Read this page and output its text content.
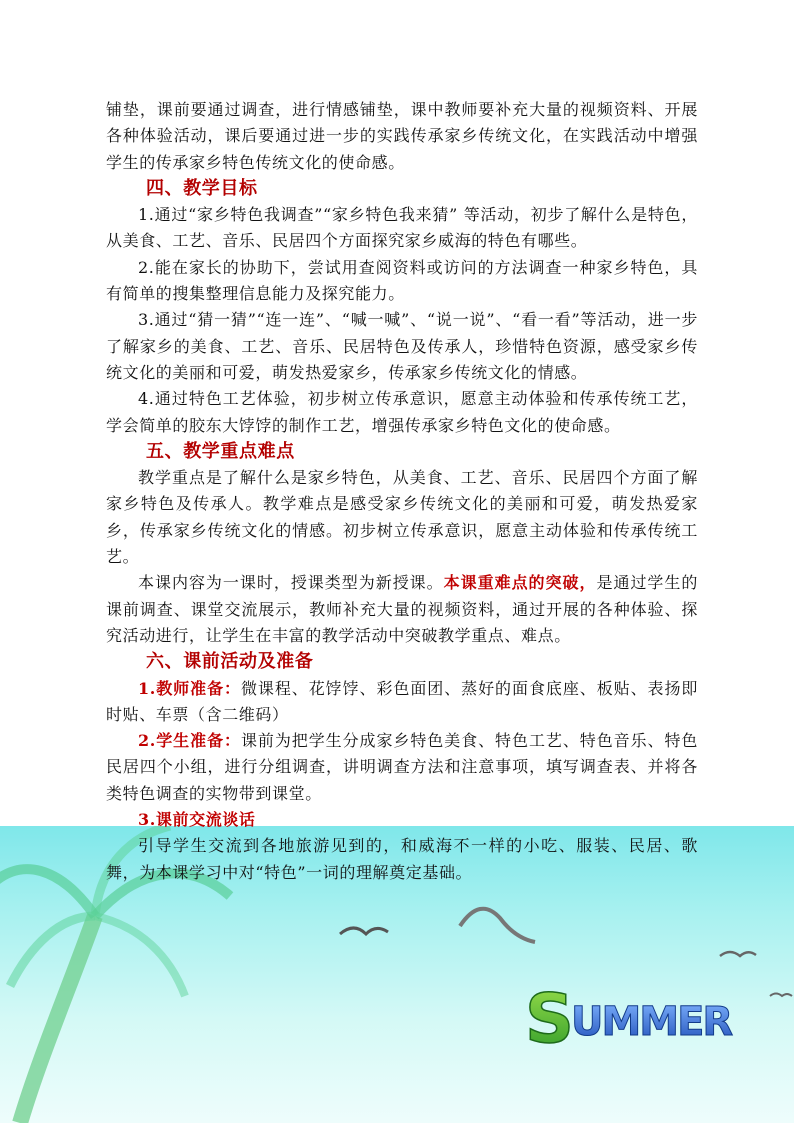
S
UMMER

铺垫，课前要通过调查，进行情感铺垫，课中教师要补充大量的视频资料、开展各种体验活动，课后要通过进一步的实践传承家乡传统文化，在实践活动中增强学生的传承家乡特色传统文化的使命感。

四、教学目标

1.通过“家乡特色我调查”“家乡特色我来猜” 等活动，初步了解什么是特色，从美食、工艺、音乐、民居四个方面探究家乡威海的特色有哪些。

2.能在家长的协助下，尝试用查阅资料或访问的方法调查一种家乡特色，具有简单的搜集整理信息能力及探究能力。

3.通过“猜一猜”“连一连”、“喊一喊”、“说一说”、“看一看”等活动，进一步了解家乡的美食、工艺、音乐、民居特色及传承人，珍惜特色资源，感受家乡传统文化的美丽和可爱，萌发热爱家乡，传承家乡传统文化的情感。

4.通过特色工艺体验，初步树立传承意识，愿意主动体验和传承传统工艺，学会简单的胶东大饽饽的制作工艺，增强传承家乡特色文化的使命感。

五、教学重点难点

教学重点是了解什么是家乡特色，从美食、工艺、音乐、民居四个方面了解家乡特色及传承人。教学难点是感受家乡传统文化的美丽和可爱，萌发热爱家乡，传承家乡传统文化的情感。初步树立传承意识，愿意主动体验和传承传统工艺。

本课内容为一课时，授课类型为新授课。本课重难点的突破，是通过学生的课前调查、课堂交流展示，教师补充大量的视频资料，通过开展的各种体验、探究活动进行，让学生在丰富的教学活动中突破教学重点、难点。

六、课前活动及准备

1.教师准备：微课程、花饽饽、彩色面团、蒸好的面食底座、板贴、表扬即时贴、车票（含二维码）

2.学生准备：课前为把学生分成家乡特色美食、特色工艺、特色音乐、特色民居四个小组，进行分组调查，讲明调查方法和注意事项，填写调查表、并将各类特色调查的实物带到课堂。

3.课前交流谈话

引导学生交流到各地旅游见到的，和威海不一样的小吃、服装、民居、歌舞，为本课学习中对“特色”一词的理解奠定基础。
